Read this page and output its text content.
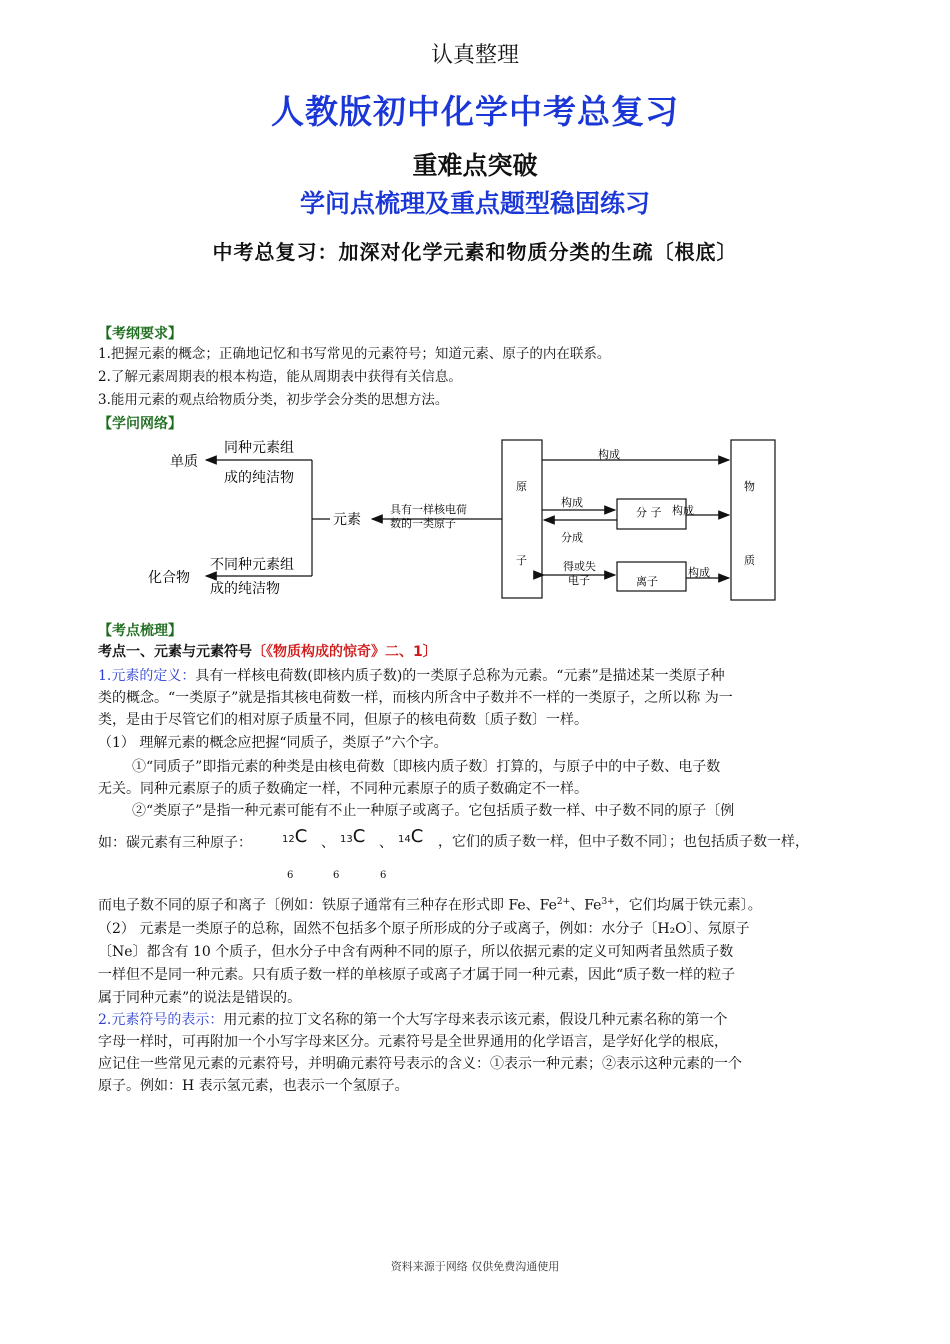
认真整理
人教版初中化学中考总复习
重难点突破
学问点梳理及重点题型稳固练习
中考总复习：加深对化学元素和物质分类的生疏〔根底〕
【考纲要求】
1.把握元素的概念；正确地记忆和书写常见的元素符号；知道元素、原子的内在联系。
2.了解元素周期表的根本构造，能从周期表中获得有关信息。
3.能用元素的观点给物质分类，初步学会分类的思想方法。
【学问网络】
单质
同种元素组
成的纯洁物
元素
化合物
不同种元素组
成的纯洁物
具有一样核电荷
数的一类原子
原
子
物
质
构成
分 子
构成
分成
构成
离子
得或失
电子
构成
【考点梳理】
考点一、元素与元素符号〔《物质构成的惊奇》二、1〕
1.元素的定义：具有一样核电荷数(即核内质子数)的一类原子总称为元素。“元素”是描述某一类原子种
类的概念。“一类原子”就是指其核电荷数一样，而核内所含中子数并不一样的一类原子，之所以称 为一
类，是由于尽管它们的相对原子质量不同，但原子的核电荷数〔质子数〕一样。
（1） 理解元素的概念应把握“同质子，类原子”六个字。
①“同质子”即指元素的种类是由核电荷数〔即核内质子数〕打算的，与原子中的中子数、电子数
无关。同种元素原子的质子数确定一样，不同种元素原子的质子数确定不一样。
②“类原子”是指一种元素可能有不止一种原子或离子。它包括质子数一样、中子数不同的原子〔例
如：碳元素有三种原子：	12C 、 13C 、 14C ，它们的质子数一样，但中子数不同〕；也包括质子数一样，
6	6	6
而电子数不同的原子和离子〔例如：铁原子通常有三种存在形式即 Fe、$Fe^{2+}$、$Fe^{3+}$，它们均属于铁元素〕。
（2） 元素是一类原子的总称，固然不包括多个原子所形成的分子或离子，例如：水分子〔H₂O〕、氖原子
〔Ne〕都含有 10 个质子，但水分子中含有两种不同的原子，所以依据元素的定义可知两者虽然质子数
一样但不是同一种元素。只有质子数一样的单核原子或离子才属于同一种元素，因此“质子数一样的粒子
属于同种元素”的说法是错误的。
2.元素符号的表示：用元素的拉丁文名称的第一个大写字母来表示该元素，假设几种元素名称的第一个
字母一样时，可再附加一个小写字母来区分。元素符号是全世界通用的化学语言，是学好化学的根底，
应记住一些常见元素的元素符号，并明确元素符号表示的含义：①表示一种元素；②表示这种元素的一个
原子。例如：H 表示氢元素，也表示一个氢原子。
资料来源于网络 仅供免费沟通使用
